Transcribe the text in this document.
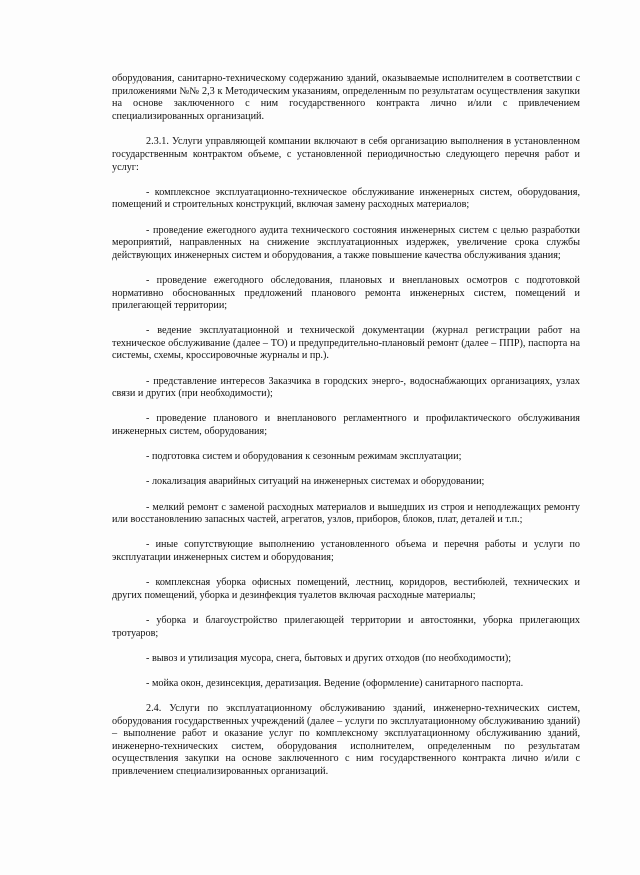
оборудования, санитарно-техническому содержанию зданий, оказываемые исполнителем в соответствии с приложениями №№ 2,3 к Методическим указаниям, определенным по результатам осуществления закупки на основе заключенного с ним государственного контракта лично и/или с привлечением специализированных организаций.

2.3.1. Услуги управляющей компании включают в себя организацию выполнения в установленном государственным контрактом объеме, с установленной периодичностью следующего перечня работ и услуг:

- комплексное эксплуатационно-техническое обслуживание инженерных систем, оборудования, помещений и строительных конструкций, включая замену расходных материалов;

- проведение ежегодного аудита технического состояния инженерных систем с целью разработки мероприятий, направленных на снижение эксплуатационных издержек, увеличение срока службы действующих инженерных систем и оборудования, а также повышение качества обслуживания здания;

- проведение ежегодного обследования, плановых и внеплановых осмотров с подготовкой нормативно обоснованных предложений планового ремонта инженерных систем, помещений и прилегающей территории;

- ведение эксплуатационной и технической документации (журнал регистрации работ на техническое обслуживание (далее – ТО) и предупредительно-плановый ремонт (далее – ППР), паспорта на системы, схемы, кроссировочные журналы и пр.).

- представление интересов Заказчика в городских энерго-, водоснабжающих организациях, узлах связи и других (при необходимости);

- проведение планового и внепланового регламентного и профилактического обслуживания инженерных систем, оборудования;

- подготовка систем и оборудования к сезонным режимам эксплуатации;

- локализация аварийных ситуаций на инженерных системах и оборудовании;

- мелкий ремонт с заменой расходных материалов и вышедших из строя и неподлежащих ремонту или восстановлению запасных частей, агрегатов, узлов, приборов, блоков, плат, деталей и т.п.;

- иные сопутствующие выполнению установленного объема и перечня работы и услуги по эксплуатации инженерных систем и оборудования;

- комплексная уборка офисных помещений, лестниц, коридоров, вестибюлей, технических и других помещений, уборка и дезинфекция туалетов включая расходные материалы;

- уборка и благоустройство прилегающей территории и автостоянки, уборка прилегающих тротуаров;

- вывоз и утилизация мусора, снега, бытовых и других отходов (по необходимости);

- мойка окон, дезинсекция, дератизация. Ведение (оформление) санитарного паспорта.

2.4. Услуги по эксплуатационному обслуживанию зданий, инженерно-технических систем, оборудования государственных учреждений (далее – услуги по эксплуатационному обслуживанию зданий) – выполнение работ и оказание услуг по комплексному эксплуатационному обслуживанию зданий, инженерно-технических систем, оборудования исполнителем, определенным по результатам осуществления закупки на основе заключенного с ним государственного контракта лично и/или с привлечением специализированных организаций.
